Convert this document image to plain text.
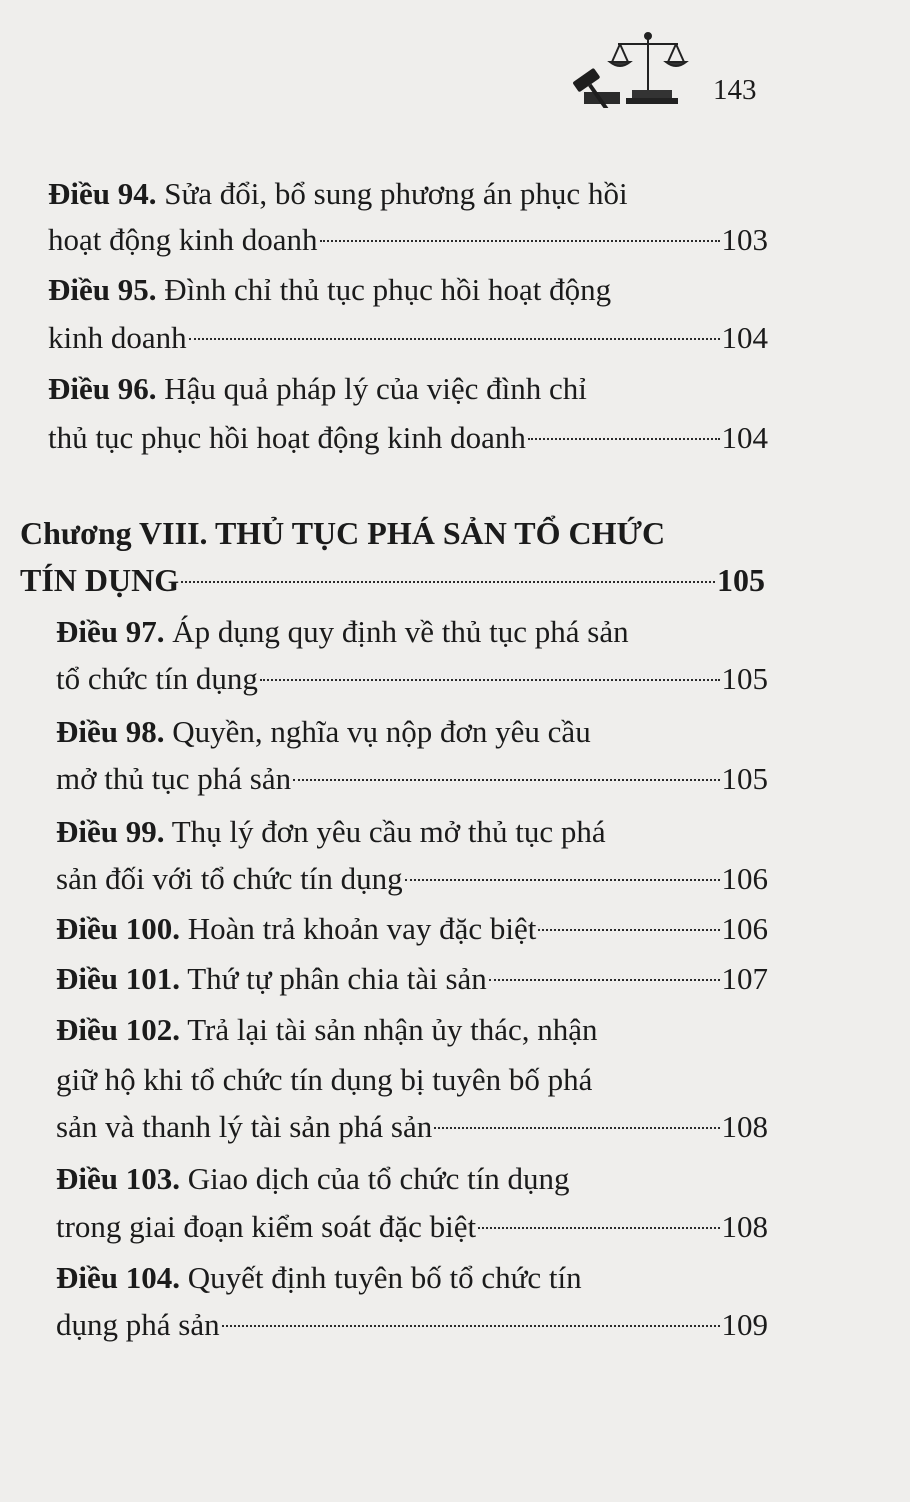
143
Điều 94. Sửa đổi, bổ sung phương án phục hồi
hoạt động kinh doanh	103
Điều 95. Đình chỉ thủ tục phục hồi hoạt động
kinh doanh	104
Điều 96. Hậu quả pháp lý của việc đình chỉ
thủ tục phục hồi hoạt động kinh doanh	104
Chương VIII. THỦ TỤC PHÁ SẢN TỔ CHỨC
TÍN DỤNG	105
Điều 97. Áp dụng quy định về thủ tục phá sản
tổ chức tín dụng	105
Điều 98. Quyền, nghĩa vụ nộp đơn yêu cầu
mở thủ tục phá sản	105
Điều 99. Thụ lý đơn yêu cầu mở thủ tục phá
sản đối với tổ chức tín dụng	106
Điều 100. Hoàn trả khoản vay đặc biệt	106
Điều 101. Thứ tự phân chia tài sản	107
Điều 102. Trả lại tài sản nhận ủy thác, nhận
giữ hộ khi tổ chức tín dụng bị tuyên bố phá
sản và thanh lý tài sản phá sản	108
Điều 103. Giao dịch của tổ chức tín dụng
trong giai đoạn kiểm soát đặc biệt	108
Điều 104. Quyết định tuyên bố tổ chức tín
dụng phá sản	109
